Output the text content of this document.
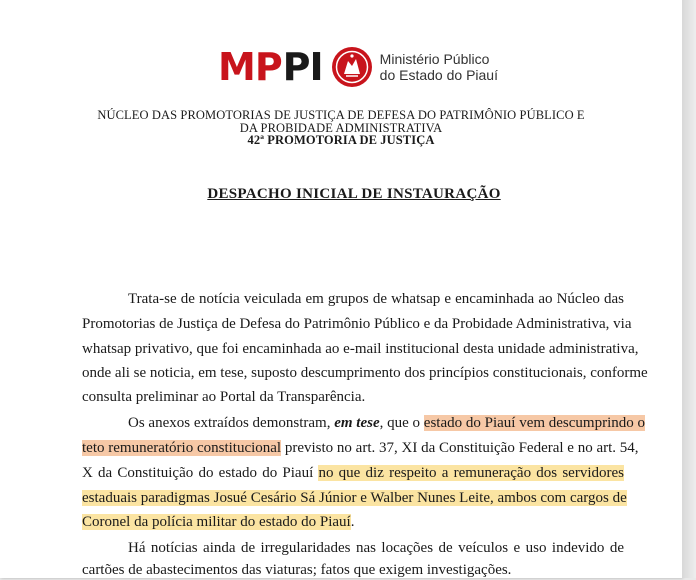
MP PI	Ministério Público
do Estado do Piauí
NÚCLEO DAS PROMOTORIAS DE JUSTIÇA DE DEFESA DO PATRIMÔNIO PÚBLICO E
DA PROBIDADE ADMINISTRATIVA
42ª PROMOTORIA DE JUSTIÇA
DESPACHO INICIAL DE INSTAURAÇÃO
Trata-se de notícia veiculada em grupos de whatsap e encaminhada ao Núcleo das
Promotorias de Justiça de Defesa do Patrimônio Público e da Probidade Administrativa, via
whatsap privativo, que foi encaminhada ao e-mail institucional desta unidade administrativa,
onde ali se noticia, em tese, suposto descumprimento dos princípios constitucionais, conforme
consulta preliminar ao Portal da Transparência.
Os anexos extraídos demonstram, em tese, que o estado do Piauí vem descumprindo o
teto remuneratório constitucional previsto no art. 37, XI da Constituição Federal e no art. 54,
X da Constituição do estado do Piauí no que diz respeito a remuneração dos servidores
estaduais paradigmas Josué Cesário Sá Júnior e Walber Nunes Leite, ambos com cargos de
Coronel da polícia militar do estado do Piauí.
Há notícias ainda de irregularidades nas locações de veículos e uso indevido de
cartões de abastecimentos das viaturas; fatos que exigem investigações.
